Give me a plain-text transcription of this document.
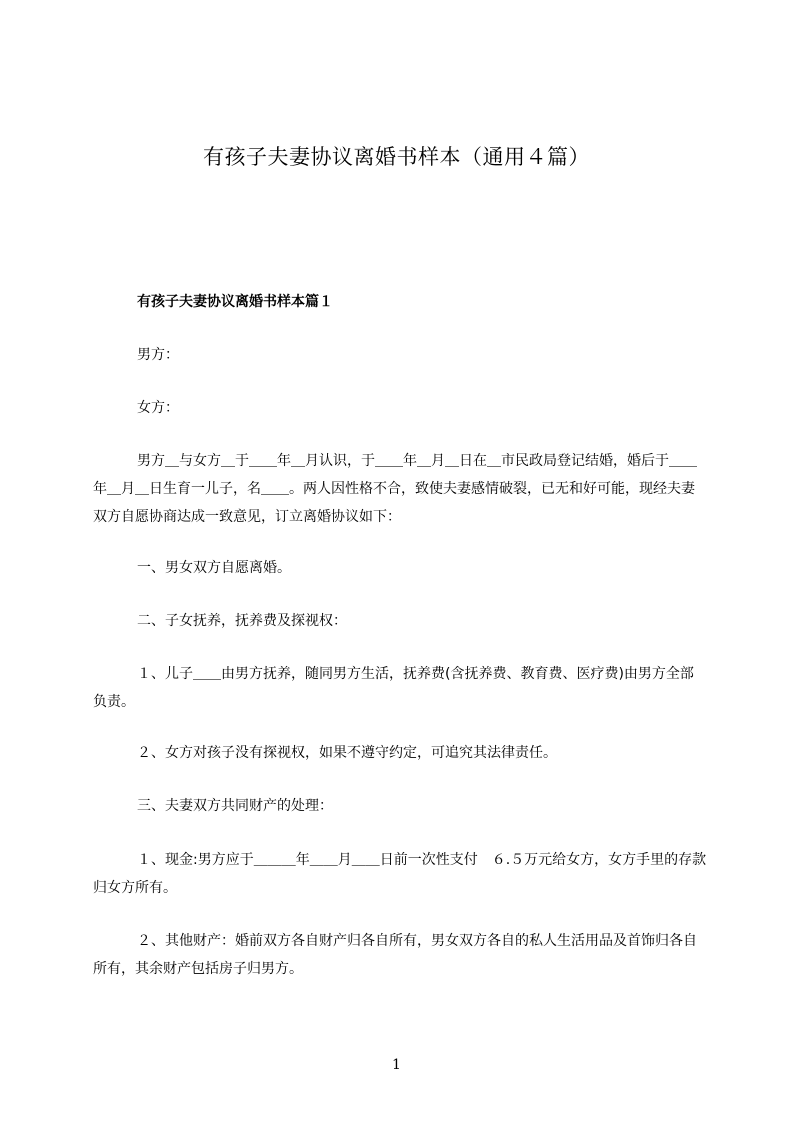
有孩子夫妻协议离婚书样本（通用４篇）
有孩子夫妻协议离婚书样本篇１

男方：

女方：

男方＿与女方＿于＿＿年＿月认识，于＿＿年＿月＿日在＿市民政局登记结婚，婚后于＿＿年＿月＿日生育一儿子，名＿＿。两人因性格不合，致使夫妻感情破裂，已无和好可能，现经夫妻双方自愿协商达成一致意见，订立离婚协议如下：

一、男女双方自愿离婚。

二、子女抚养，抚养费及探视权：

１、儿子＿＿由男方抚养，随同男方生活，抚养费(含抚养费、教育费、医疗费)由男方全部负责。

２、女方对孩子没有探视权，如果不遵守约定，可追究其法律责任。

三、夫妻双方共同财产的处理：

１、现金:男方应于＿＿＿年＿＿月＿＿日前一次性支付　６.５万元给女方，女方手里的存款归女方所有。

２、其他财产：婚前双方各自财产归各自所有，男女双方各自的私人生活用品及首饰归各自所有，其余财产包括房子归男方。

1
